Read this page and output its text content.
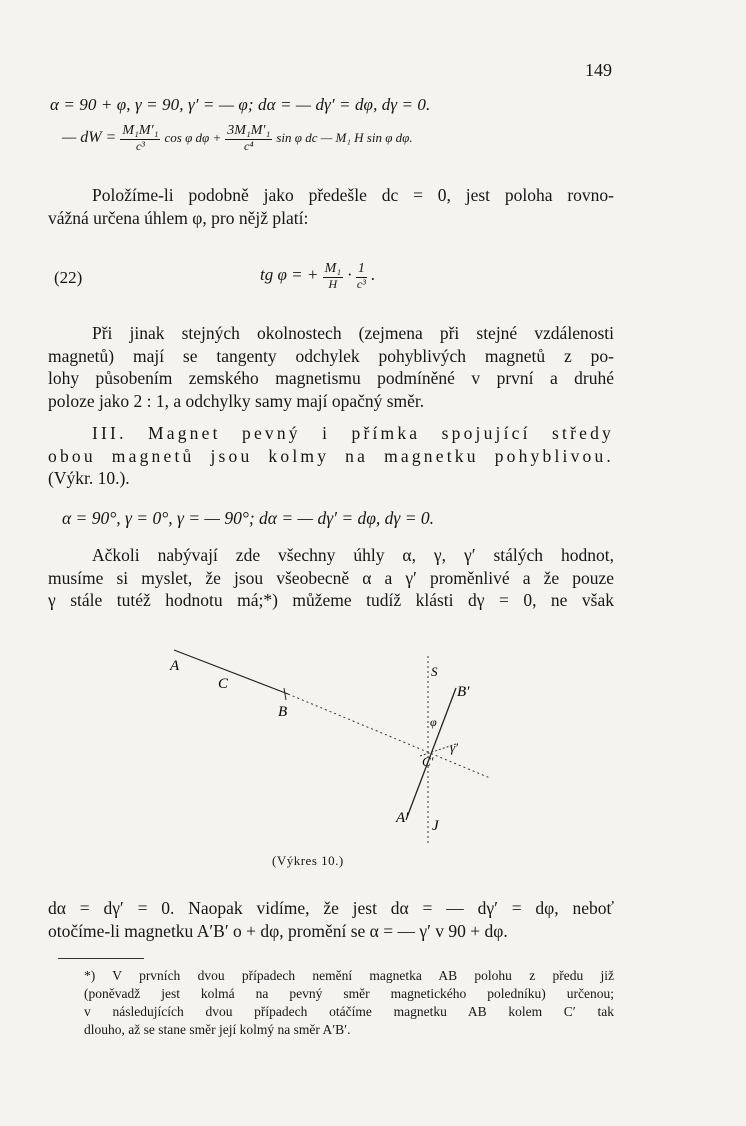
149
α = 90 + φ, γ = 90, γ′ = — φ; dα = — dγ′ = dφ, dγ = 0.
— dW = $\frac{\text{M₁M′₁}}{\text{c³}}$ cos φ $d\varphi + \frac{\text{3M₁M′₁}}{\text{c⁴}}$ sin φ dc — M₁ H sin φ dφ.
Položíme-li podobně jako předešle dc = 0, jest poloha rovno-
vážná určena úhlem φ, pro nějž platí:
(22)	tg φ = + $\frac{\text{M₁}}{H} \cdot \frac{1}{\text{c³}}$ .
Při jinak stejných okolnostech (zejmena při stejné vzdálenosti
magnetů) mají se tangenty odchylek pohyblivých magnetů z po-
lohy působením zemského magnetismu podmíněné v první a druhé
poloze jako 2 : 1, a odchylky samy mají opačný směr.
III. Magnet pevný i přímka spojující středy
obou magnetů jsou kolmy na magnetku pohyblivou.
(Výkr. 10.).
α = 90°, γ = 0°, γ = — 90°; dα = — dγ′ = dφ, dγ = 0.
Ačkoli nabývají zde všechny úhly α, γ, γ′ stálých hodnot,
musíme si myslet, že jsou všeobecně α a γ′ proměnlivé a že pouze
γ stále tutéž hodnotu má;*) můžeme tudíž klásti dγ = 0, ne však
A
C
B
S
B′
φ
C′
γ′
A′ J
(Výkres 10.)
dα = dγ′ = 0. Naopak vidíme, že jest dα = — dγ′ = dφ, neboť
otočíme-li magnetku A′B′ o + dφ, promění se α = — γ′ v 90 + dφ.
*) V prvních dvou případech nemění magnetka AB polohu z předu již
(poněvadž jest kolmá na pevný směr magnetického poledníku) určenou;
v následujících dvou případech otáčíme magnetku AB kolem C′ tak
dlouho, až se stane směr její kolmý na směr A′B′.
